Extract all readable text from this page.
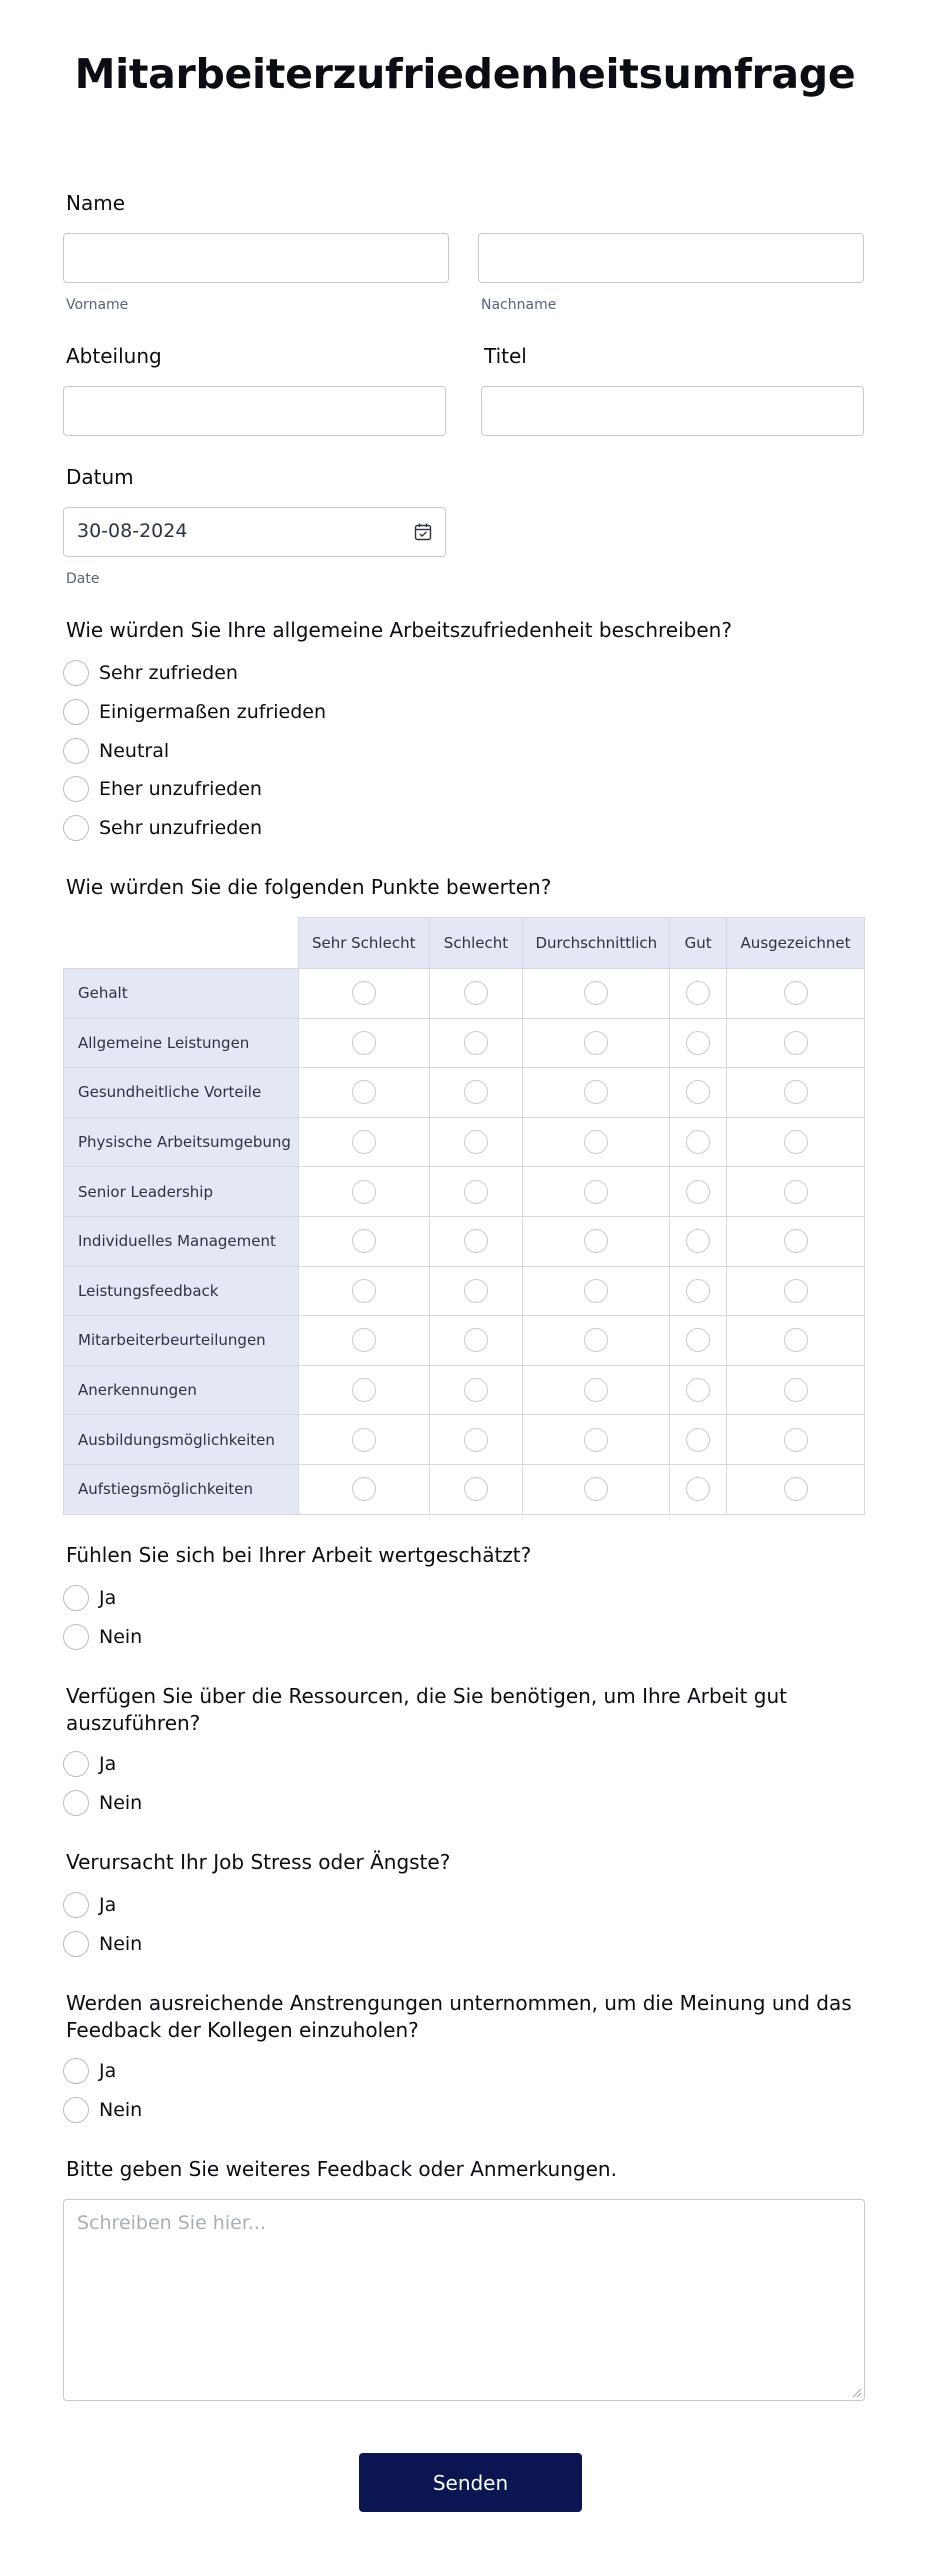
Mitarbeiterzufriedenheitsumfrage
Name
Vorname	Nachname
Abteilung	Titel
Datum
30-08-2024
Date
Wie würden Sie Ihre allgemeine Arbeitszufriedenheit beschreiben?
Sehr zufrieden
Einigermaßen zufrieden
Neutral
Eher unzufrieden
Sehr unzufrieden
Wie würden Sie die folgenden Punkte bewerten?
	Sehr Schlecht	Schlecht	Durchschnittlich	Gut	Ausgezeichnet
Gehalt					
Allgemeine Leistungen					
Gesundheitliche Vorteile					
Physische Arbeitsumgebung					
Senior Leadership					
Individuelles Management					
Leistungsfeedback					
Mitarbeiterbeurteilungen					
Anerkennungen					
Ausbildungsmöglichkeiten					
Aufstiegsmöglichkeiten					
Fühlen Sie sich bei Ihrer Arbeit wertgeschätzt?
Ja
Nein
Verfügen Sie über die Ressourcen, die Sie benötigen, um Ihre Arbeit gut
auszuführen?
Ja
Nein
Verursacht Ihr Job Stress oder Ängste?
Ja
Nein
Werden ausreichende Anstrengungen unternommen, um die Meinung und das
Feedback der Kollegen einzuholen?
Ja
Nein
Bitte geben Sie weiteres Feedback oder Anmerkungen.
Schreiben Sie hier...
Senden
